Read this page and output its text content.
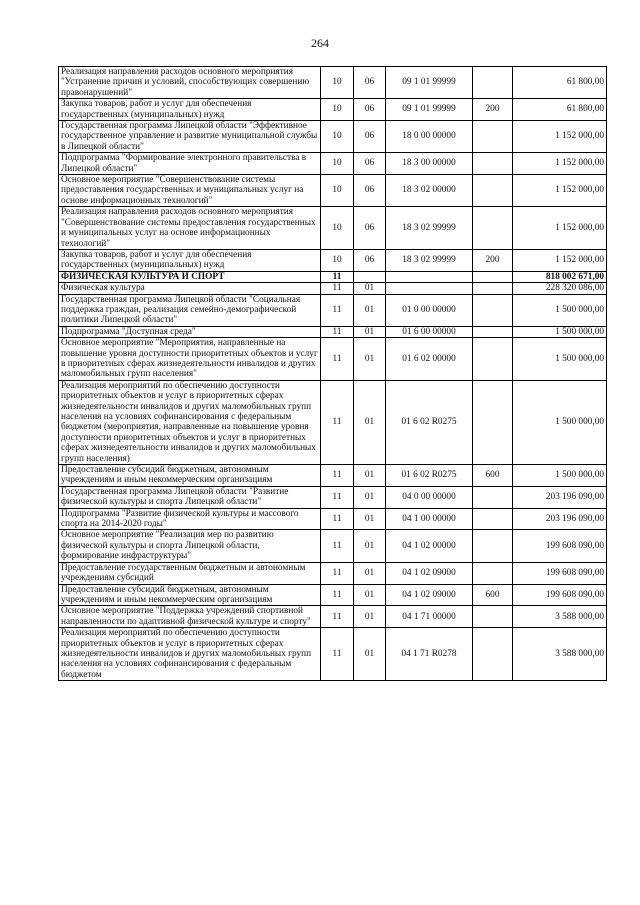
264
Реализация направления расходов основного мероприятия "Устранение причин и условий, способствующих совершению правонарушений"	10	06	09 1 01 99999		61 800,00
Закупка товаров, работ и услуг для обеспечения государственных (муниципальных) нужд	10	06	09 1 01 99999	200	61 800,00
Государственная программа Липецкой области "Эффективное государственное управление и развитие муниципальной службы в Липецкой области"	10	06	18 0 00 00000		1 152 000,00
Подпрограмма "Формирование электронного правительства в Липецкой области"	10	06	18 3 00 00000		1 152 000,00
Основное мероприятие "Совершенствование системы предоставления государственных и муниципальных услуг на основе информационных технологий"	10	06	18 3 02 00000		1 152 000,00
Реализация направления расходов основного мероприятия "Совершенствование системы предоставления государственных и муниципальных услуг на основе информационных технологий"	10	06	18 3 02 99999		1 152 000,00
Закупка товаров, работ и услуг для обеспечения государственных (муниципальных) нужд	10	06	18 3 02 99999	200	1 152 000,00
ФИЗИЧЕСКАЯ КУЛЬТУРА И СПОРТ	11				818 002 671,00
Физическая культура	11	01			228 320 086,00
Государственная программа Липецкой области "Социальная поддержка граждан, реализация семейно-демографической политики Липецкой области"	11	01	01 0 00 00000		1 500 000,00
Подпрограмма "Доступная среда"	11	01	01 6 00 00000		1 500 000,00
Основное мероприятие "Мероприятия, направленные на повышение уровня доступности приоритетных объектов и услуг в приоритетных сферах жизнедеятельности инвалидов и других маломобильных групп населения"	11	01	01 6 02 00000		1 500 000,00
Реализация мероприятий по обеспечению доступности приоритетных объектов и услуг в приоритетных сферах жизнедеятельности инвалидов и других маломобильных групп населения на условиях софинансирования с федеральным бюджетом (мероприятия, направленные на повышение уровня доступности приоритетных объектов и услуг в приоритетных сферах жизнедеятельности инвалидов и других маломобильных групп населения)	11	01	01 6 02 R0275		1 500 000,00
Предоставление субсидий бюджетным, автономным учреждениям и иным некоммерческим организациям	11	01	01 6 02 R0275	600	1 500 000,00
Государственная программа Липецкой области "Развитие физической культуры и спорта Липецкой области"	11	01	04 0 00 00000		203 196 090,00
Подпрограмма "Развитие физической культуры и массового спорта на 2014-2020 годы"	11	01	04 1 00 00000		203 196 090,00
Основное мероприятие "Реализация мер по развитию физической культуры и спорта Липецкой области, формирование инфраструктуры"	11	01	04 1 02 00000		199 608 090,00
Предоставление государственным бюджетным и автономным учреждениям субсидий	11	01	04 1 02 09000		199 608 090,00
Предоставление субсидий бюджетным, автономным учреждениям и иным некоммерческим организациям	11	01	04 1 02 09000	600	199 608 090,00
Основное мероприятие "Поддержка учреждений спортивной направленности по адаптивной физической культуре и спорту"	11	01	04 1 71 00000		3 588 000,00
Реализация мероприятий по обеспечению доступности приоритетных объектов и услуг в приоритетных сферах жизнедеятельности инвалидов и других маломобильных групп населения на условиях софинансирования с федеральным бюджетом	11	01	04 1 71 R0278		3 588 000,00
